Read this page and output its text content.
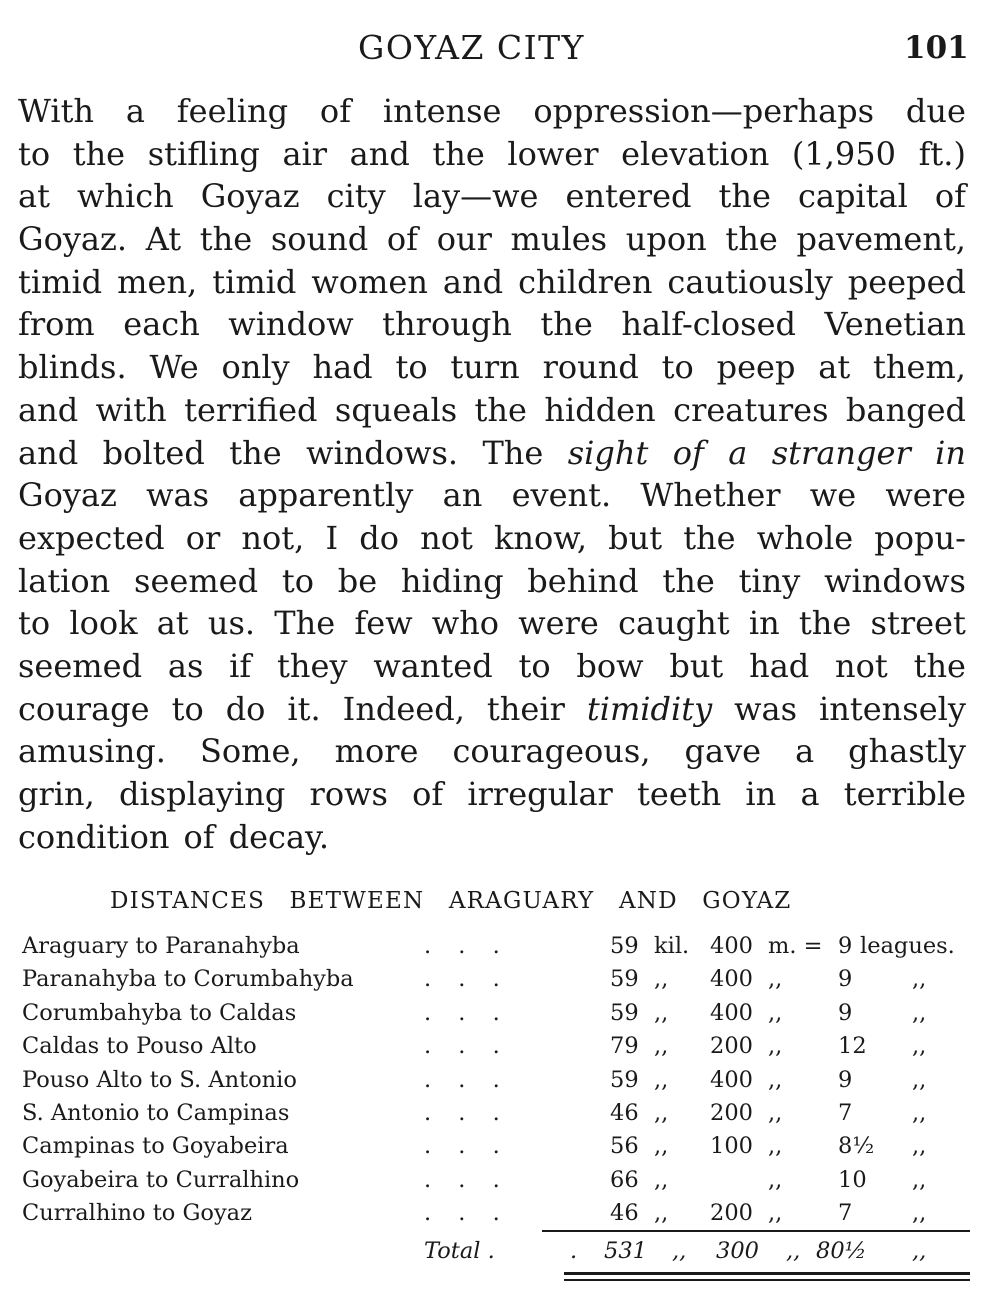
GOYAZ CITY	101
With a feeling of intense oppression—perhaps due
to the stifling air and the lower elevation (1,950 ft.)
at which Goyaz city lay—we entered the capital of
Goyaz. At the sound of our mules upon the pavement,
timid men, timid women and children cautiously peeped
from each window through the half-closed Venetian
blinds. We only had to turn round to peep at them,
and with terrified squeals the hidden creatures banged
and bolted the windows. The sight of a stranger in
Goyaz was apparently an event. Whether we were
expected or not, I do not know, but the whole popu-
lation seemed to be hiding behind the tiny windows
to look at us. The few who were caught in the street
seemed as if they wanted to bow but had not the
courage to do it. Indeed, their timidity was intensely
amusing. Some, more courageous, gave a ghastly
grin, displaying rows of irregular teeth in a terrible
condition of decay.
DISTANCES BETWEEN ARAGUARY AND GOYAZ
Araguary to Paranahyba	. . .	59 kil. 400 m. = 9 leagues.
Paranahyba to Corumbahyba	. . .	59 ,, 400 ,, 9	,,
Corumbahyba to Caldas	. . .	59 ,, 400 ,, 9	,,
Caldas to Pouso Alto	. . .	79 ,, 200 ,, 12 ,,
Pouso Alto to S. Antonio	. . .	59 ,, 400 ,, 9	,,
S. Antonio to Campinas	. . .	46 ,, 200 ,, 7	,,
Campinas to Goyabeira	. . .	56 ,, 100 ,, 8½ ,,
Goyabeira to Curralhino	. . .	66 ,,	,, 10 ,,
Curralhino to Goyaz	. . .	46 ,, 200 ,, 7	,,
Total .	. 531 ,, 300 ,, 80½ ,,
